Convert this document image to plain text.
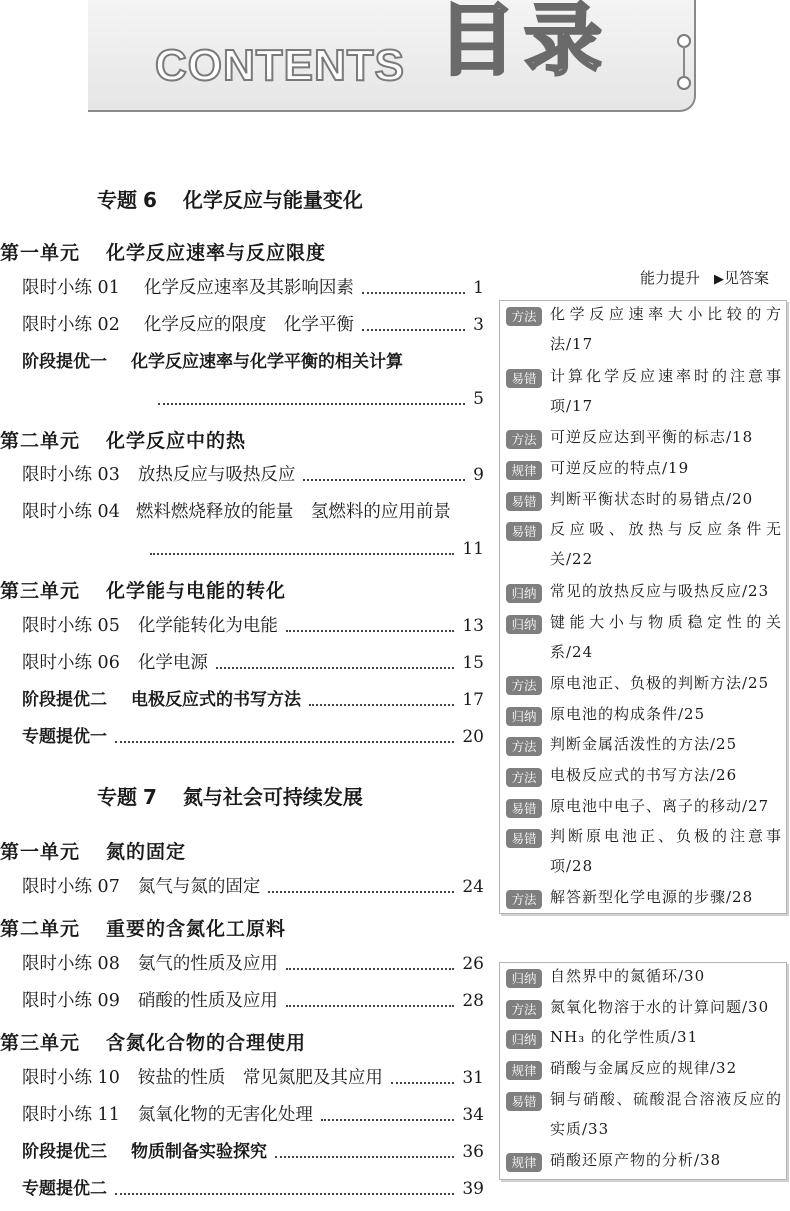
CONTENTS 目录
专题 6 化学反应与能量变化
第一单元 化学反应速率与反应限度
限时小练 01 化学反应速率及其影响因素	1
限时小练 02 化学反应的限度　化学平衡	3
阶段提优一 化学反应速率与化学平衡的相关计算
5
第二单元 化学反应中的热
限时小练 03 放热反应与吸热反应	9
限时小练 04 燃料燃烧释放的能量　氢燃料的应用前景
11
第三单元 化学能与电能的转化
限时小练 05 化学能转化为电能	13
限时小练 06 化学电源	15
阶段提优二 电极反应式的书写方法	17
专题提优一	20
专题 7 氮与社会可持续发展
第一单元 氮的固定
限时小练 07 氮气与氮的固定	24
第二单元 重要的含氮化工原料
限时小练 08 氨气的性质及应用	26
限时小练 09 硝酸的性质及应用	28
第三单元 含氮化合物的合理使用
限时小练 10 铵盐的性质　常见氮肥及其应用	31
限时小练 11 氮氧化物的无害化处理	34
阶段提优三 物质制备实验探究	36
专题提优二	39
能力提升 ▶见答案
方法 化学反应速率大小比较的方法/17
易错 计算化学反应速率时的注意事项/17
方法 可逆反应达到平衡的标志/18
规律 可逆反应的特点/19
易错 判断平衡状态时的易错点/20
易错 反应吸、放热与反应条件无关/22
归纳 常见的放热反应与吸热反应/23
归纳 键能大小与物质稳定性的关系/24
方法 原电池正、负极的判断方法/25
归纳 原电池的构成条件/25
方法 判断金属活泼性的方法/25
方法 电极反应式的书写方法/26
易错 原电池中电子、离子的移动/27
易错 判断原电池正、负极的注意事项/28
方法 解答新型化学电源的步骤/28
归纳 自然界中的氮循环/30
方法 氮氧化物溶于水的计算问题/30
归纳 NH₃ 的化学性质/31
规律 硝酸与金属反应的规律/32
易错 铜与硝酸、硫酸混合溶液反应的实质/33
规律 硝酸还原产物的分析/38
